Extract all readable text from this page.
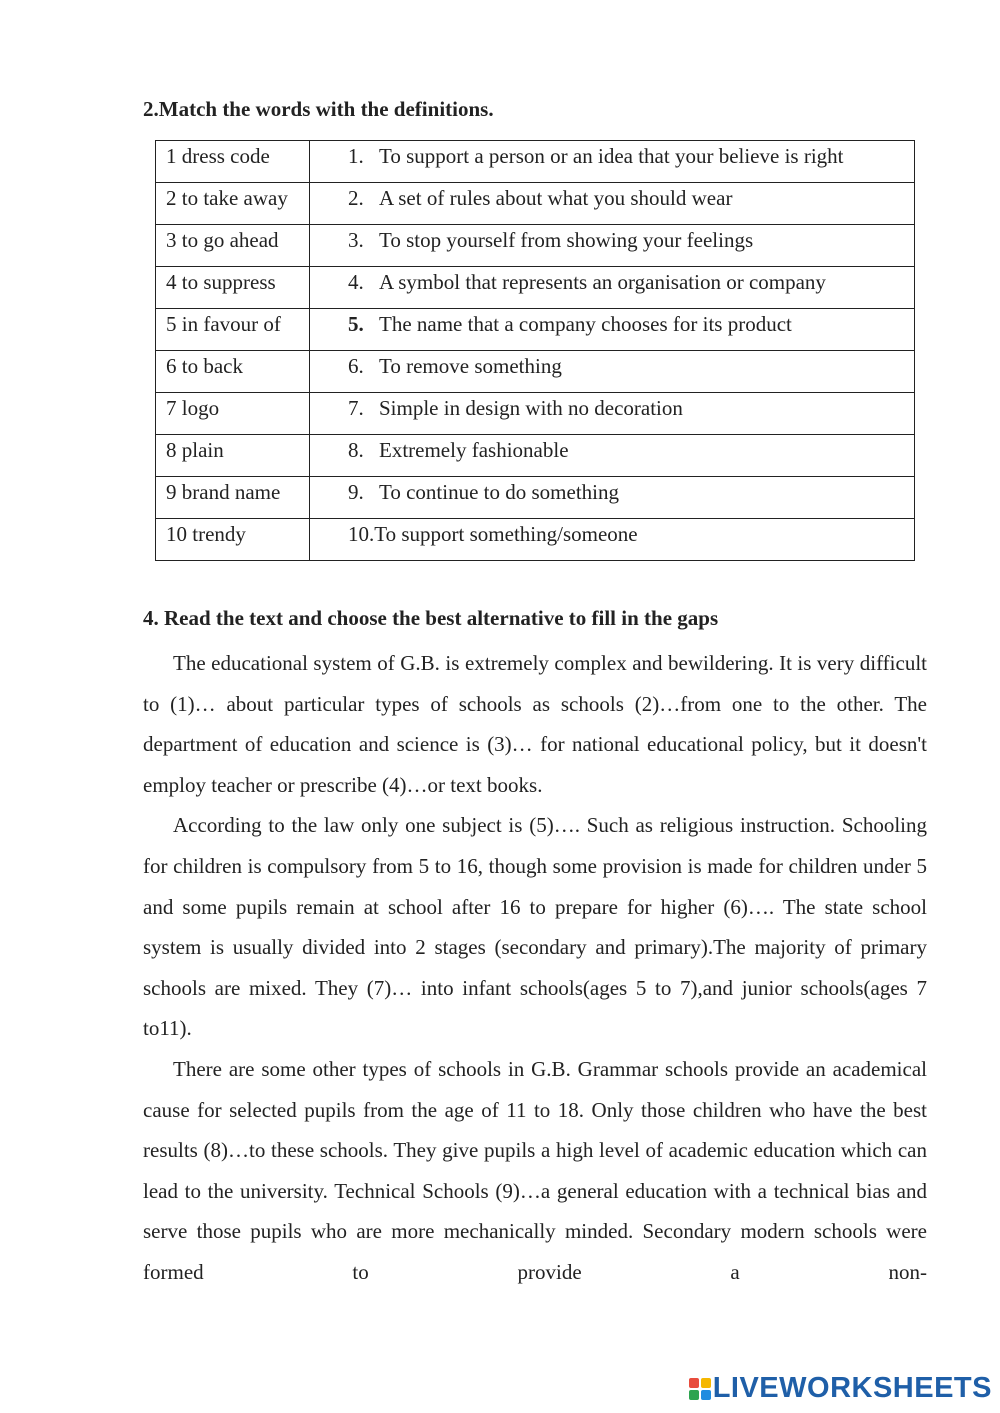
2.Match the words with the definitions.
1 dress code	1. To support a person or an idea that your believe is right
2 to take away	2. A set of rules about what you should wear
3 to go ahead	3. To stop yourself from showing your feelings
4 to suppress	4. A symbol that represents an organisation or company
5 in favour of	5. The name that a company chooses for its product
6 to back	6. To remove something
7 logo	7. Simple in design with no decoration
8 plain	8. Extremely fashionable
9 brand name	9. To continue to do something
10 trendy	10.To support something/someone
4. Read the text and choose the best alternative to fill in the gaps

The educational system of G.B. is extremely complex and bewildering. It is very difficult to (1)… about particular types of schools as schools (2)…from one to the other. The department of education and science is (3)… for national educational policy, but it doesn't employ teacher or prescribe (4)…or text books.

According to the law only one subject is (5)…. Such as religious instruction. Schooling for children is compulsory from 5 to 16, though some provision is made for children under 5 and some pupils remain at school after 16 to prepare for higher (6)…. The state school system is usually divided into 2 stages (secondary and primary).The majority of primary schools are mixed. They (7)… into infant schools(ages 5 to 7),and junior schools(ages 7 to11).

There are some other types of schools in G.B. Grammar schools provide an academical cause for selected pupils from the age of 11 to 18. Only those children who have the best results (8)…to these schools. They give pupils a high level of academic education which can lead to the university. Technical Schools (9)…a general education with a technical bias and serve those pupils who are more mechanically minded. Secondary modern schools were formed to provide a non-

LIVEWORKSHEETS
